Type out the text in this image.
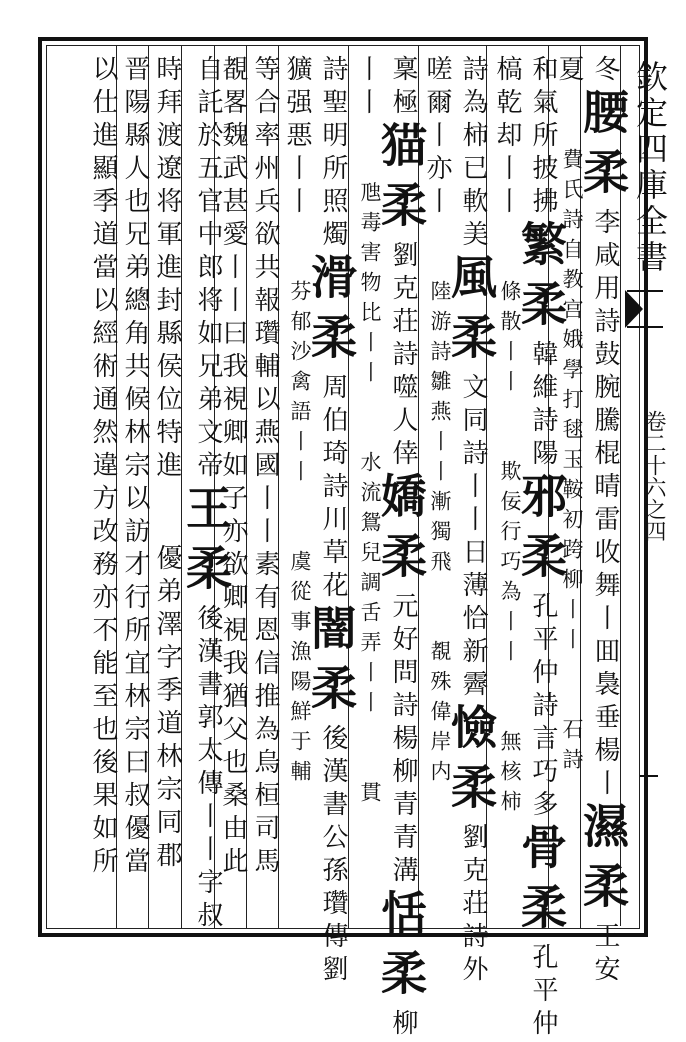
欽定四庫全書
卷二十六之四
冬
腰柔
李咸用詩鼔腕騰棍晴雷收舞丨囬裊垂楊丨
濕柔
王安
夏
費氏詩自教宫娥學打毬玉鞍初跨柳丨丨
石詩
和氣所披拂
繁柔
韓維詩陽
邪柔
孔平仲詩言巧多
骨柔
孔平仲
槁乾却丨丨
條散丨丨
欺佞行巧為丨丨
無核柿
詩為柿已軟美
風柔
文同詩丨丨日薄恰新霽
憸柔
劉克荘詩外
嗟爾丨亦丨
陸游詩雛燕丨丨漸獨飛
覩殊偉岸内
稟極
猫柔
劉克荘詩噬人倖
嬌柔
元好問詩楊柳青青溝
恬柔
柳
丨丨
虺毒害物比丨丨
水流鴛兒調舌弄丨丨
貫
詩聖明所照燭
滑柔
周伯琦詩川草花
闇柔
後漢書公孫瓚傳劉
獷强悪丨丨
芬郁沙禽語丨丨
虞從事漁陽鮮于輔
等合率州兵欲共報瓚輔以燕國丨丨素有恩信推為烏桓司馬
覩畧魏武甚愛丨丨曰我視卿如子亦欲卿視我猶父也桑由此
自託於五官中郎将如兄弟文帝
王柔
後漢書郭太傳丨丨字叔
時拜渡遼将軍進封縣侯位特進
優弟澤字季道林宗同郡
晋陽縣人也兄弟總角共候林宗以訪才行所宜林宗曰叔優當
以仕進顯季道當以經術通然違方改務亦不能至也後果如所
